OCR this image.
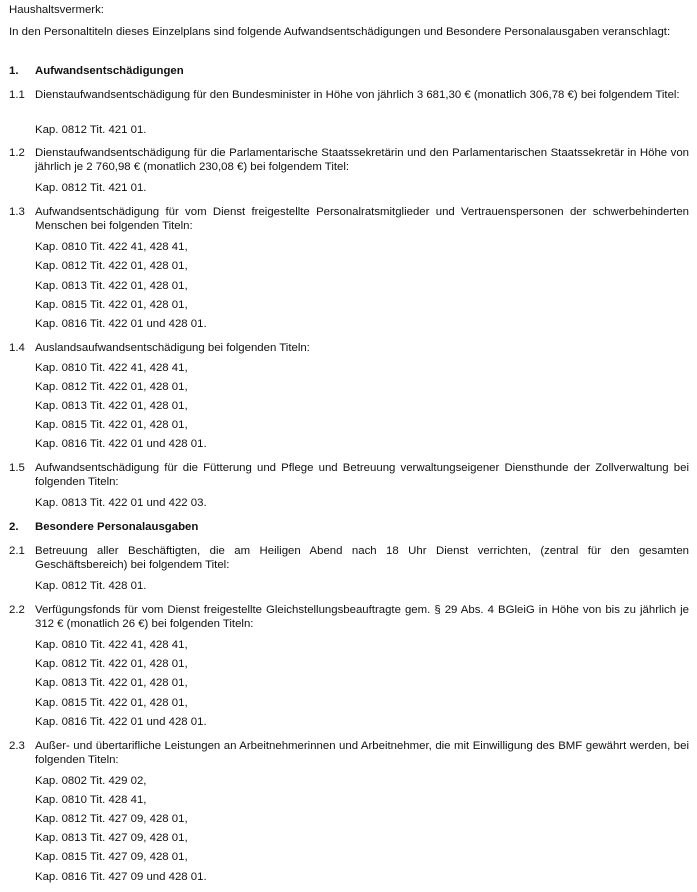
Haushaltsvermerk:

In den Personaltiteln dieses Einzelplans sind folgende Aufwandsentschädigungen und Besondere Personalausgaben veranschlagt:

1. Aufwandsentschädigungen
1.1 Dienstaufwandsentschädigung für den Bundesminister in Höhe von jährlich 3 681,30 € (monatlich 306,78 €) bei folgendem Titel:
Kap. 0812 Tit. 421 01.
1.2 Dienstaufwandsentschädigung für die Parlamentarische Staatssekretärin und den Parlamentarischen Staatssekretär in Höhe von jährlich je 2 760,98 € (monatlich 230,08 €) bei folgendem Titel:
Kap. 0812 Tit. 421 01.
1.3 Aufwandsentschädigung für vom Dienst freigestellte Personalratsmitglieder und Vertrauenspersonen der schwerbehinderten Menschen bei folgenden Titeln:
Kap. 0810 Tit. 422 41, 428 41,
Kap. 0812 Tit. 422 01, 428 01,
Kap. 0813 Tit. 422 01, 428 01,
Kap. 0815 Tit. 422 01, 428 01,
Kap. 0816 Tit. 422 01 und 428 01.
1.4 Auslandsaufwandsentschädigung bei folgenden Titeln:
Kap. 0810 Tit. 422 41, 428 41,
Kap. 0812 Tit. 422 01, 428 01,
Kap. 0813 Tit. 422 01, 428 01,
Kap. 0815 Tit. 422 01, 428 01,
Kap. 0816 Tit. 422 01 und 428 01.
1.5 Aufwandsentschädigung für die Fütterung und Pflege und Betreuung verwaltungseigener Diensthunde der Zollverwaltung bei folgenden Titeln:
Kap. 0813 Tit. 422 01 und 422 03.
2. Besondere Personalausgaben
2.1 Betreuung aller Beschäftigten, die am Heiligen Abend nach 18 Uhr Dienst verrichten, (zentral für den gesamten Geschäftsbereich) bei folgendem Titel:
Kap. 0812 Tit. 428 01.
2.2 Verfügungsfonds für vom Dienst freigestellte Gleichstellungsbeauftragte gem. § 29 Abs. 4 BGleiG in Höhe von bis zu jährlich je 312 € (monatlich 26 €) bei folgenden Titeln:
Kap. 0810 Tit. 422 41, 428 41,
Kap. 0812 Tit. 422 01, 428 01,
Kap. 0813 Tit. 422 01, 428 01,
Kap. 0815 Tit. 422 01, 428 01,
Kap. 0816 Tit. 422 01 und 428 01.
2.3 Außer- und übertarifliche Leistungen an Arbeitnehmerinnen und Arbeitnehmer, die mit Einwilligung des BMF gewährt werden, bei folgenden Titeln:
Kap. 0802 Tit. 429 02,
Kap. 0810 Tit. 428 41,
Kap. 0812 Tit. 427 09, 428 01,
Kap. 0813 Tit. 427 09, 428 01,
Kap. 0815 Tit. 427 09, 428 01,
Kap. 0816 Tit. 427 09 und 428 01.
